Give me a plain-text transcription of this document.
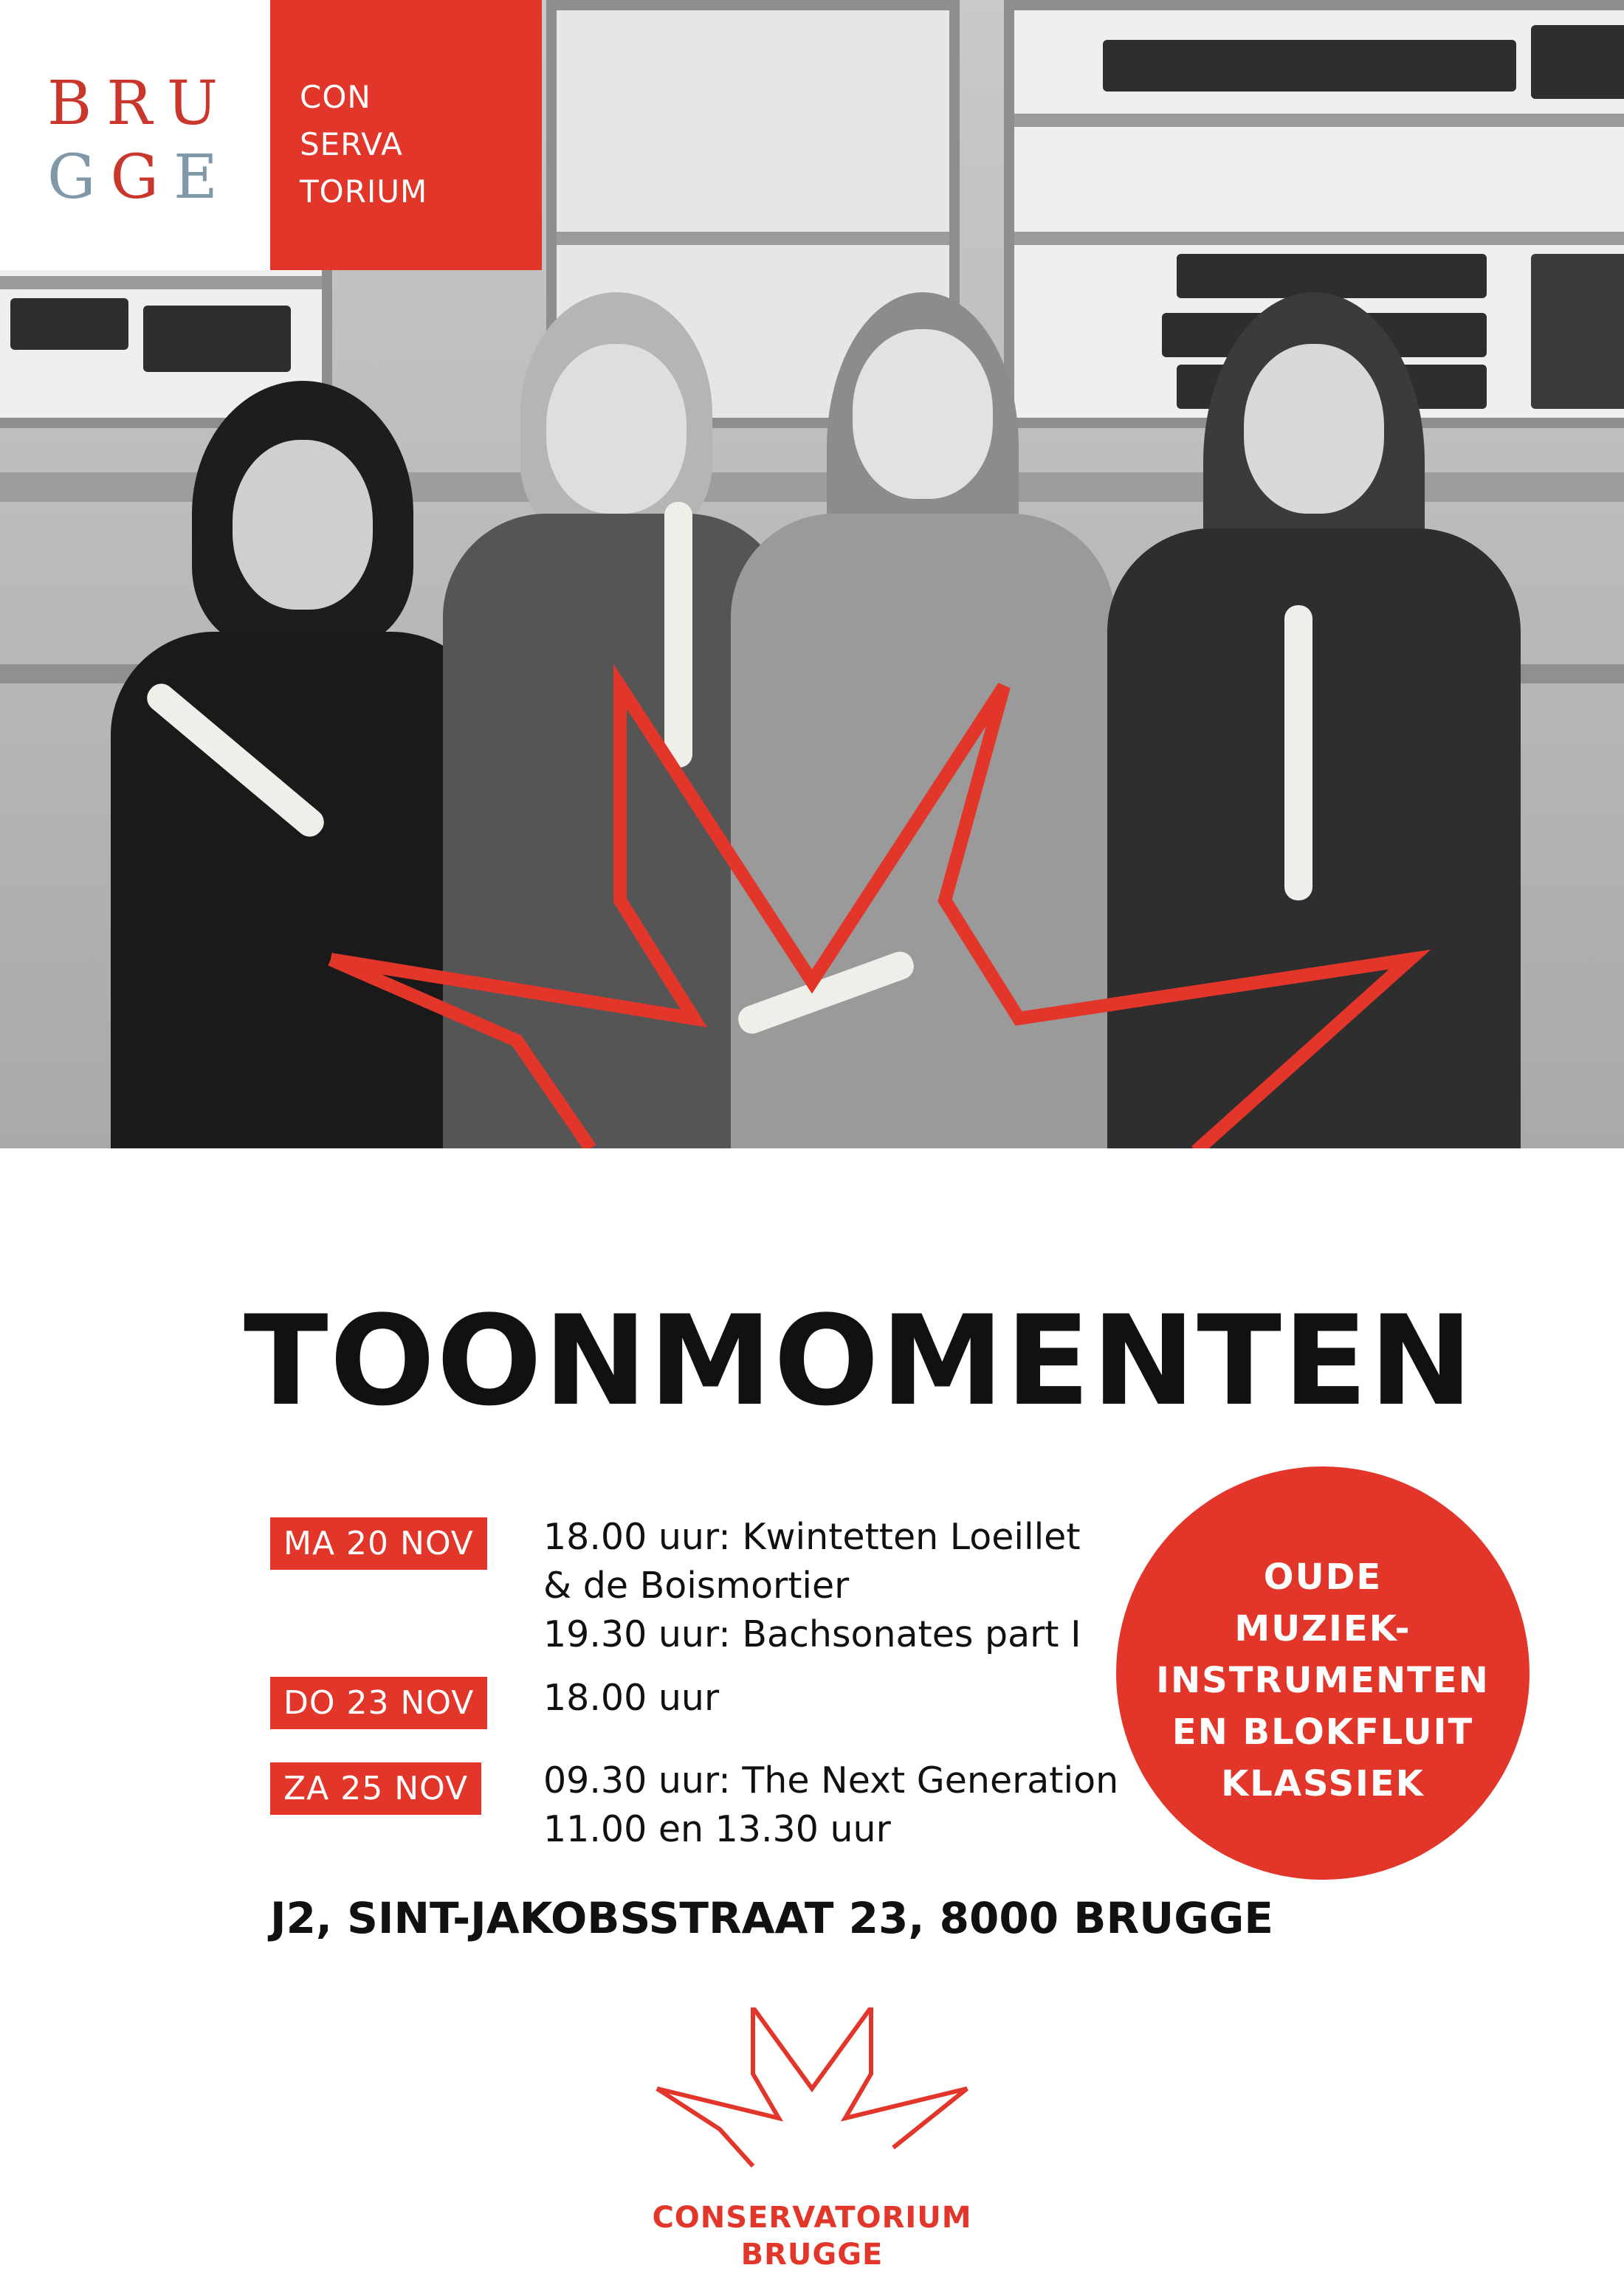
BRU
GGE
CON
SERVA
TORIUM
TOONMOMENTEN
MA 20 NOV	18.00 uur: Kwintetten Loeillet
& de Boismortier
19.30 uur: Bachsonates part I
DO 23 NOV	18.00 uur
ZA 25 NOV	09.30 uur: The Next Generation
11.00 en 13.30 uur
OUDE
MUZIEK-
INSTRUMENTEN
EN BLOKFLUIT
KLASSIEK
J2, SINT-JAKOBSSTRAAT 23, 8000 BRUGGE
CONSERVATORIUM
BRUGGE
